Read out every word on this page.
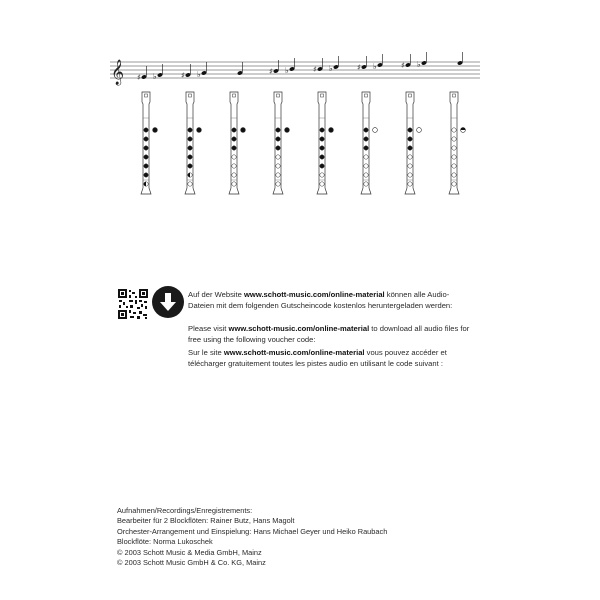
𝄞 ♯ ♭	♯ ♭	♯ ♭	♯ ♭	♯ ♭	♯ ♭
Auf der Website www.schott-music.com/online-material können alle Audio-Dateien mit dem folgenden Gutscheincode kostenlos heruntergeladen werden:
Please visit www.schott-music.com/online-material to download all audio files for free using the following voucher code:
Sur le site www.schott-music.com/online-material vous pouvez accéder et télécharger gratuitement toutes les pistes audio en utilisant le code suivant :
Aufnahmen/Recordings/Enregistrements:
Bearbeiter für 2 Blockflöten: Rainer Butz, Hans Magolt
Orchester-Arrangement und Einspielung: Hans Michael Geyer und Heiko Raubach
Blockflöte: Norma Lukoschek
© 2003 Schott Music & Media GmbH, Mainz
© 2003 Schott Music GmbH & Co. KG, Mainz
